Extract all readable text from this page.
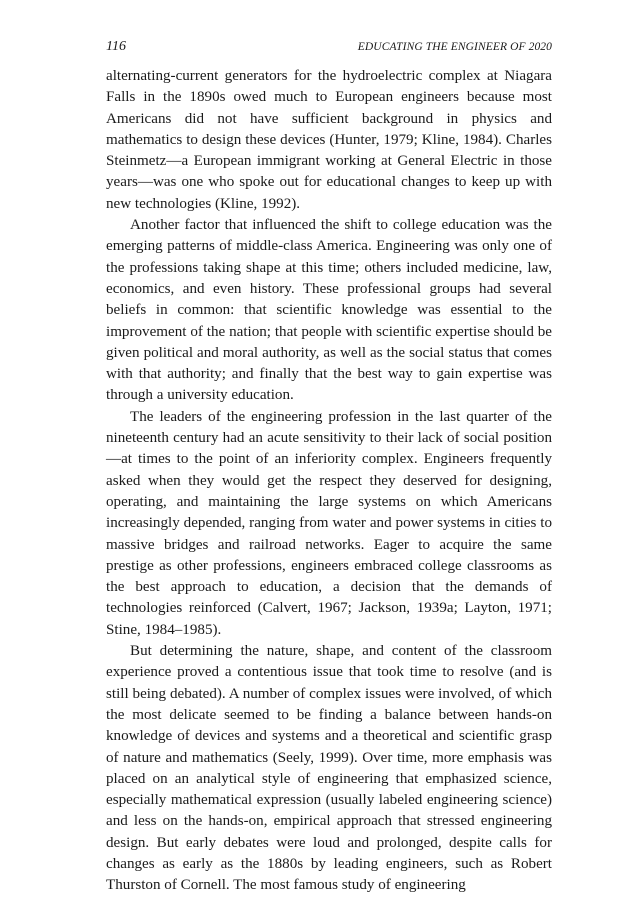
116	EDUCATING THE ENGINEER OF 2020

alternating-current generators for the hydroelectric complex at Niagara Falls in the 1890s owed much to European engineers because most Americans did not have sufficient background in physics and mathematics to design these devices (Hunter, 1979; Kline, 1984). Charles Steinmetz—a European immigrant working at General Electric in those years—was one who spoke out for educational changes to keep up with new technologies (Kline, 1992).

Another factor that influenced the shift to college education was the emerging patterns of middle-class America. Engineering was only one of the professions taking shape at this time; others included medicine, law, economics, and even history. These professional groups had several beliefs in common: that scientific knowledge was essential to the improvement of the nation; that people with scientific expertise should be given political and moral authority, as well as the social status that comes with that authority; and finally that the best way to gain expertise was through a university education.

The leaders of the engineering profession in the last quarter of the nineteenth century had an acute sensitivity to their lack of social position—at times to the point of an inferiority complex. Engineers frequently asked when they would get the respect they deserved for designing, operating, and maintaining the large systems on which Americans increasingly depended, ranging from water and power systems in cities to massive bridges and railroad networks. Eager to acquire the same prestige as other professions, engineers embraced college classrooms as the best approach to education, a decision that the demands of technologies reinforced (Calvert, 1967; Jackson, 1939a; Layton, 1971; Stine, 1984–1985).

But determining the nature, shape, and content of the classroom experience proved a contentious issue that took time to resolve (and is still being debated). A number of complex issues were involved, of which the most delicate seemed to be finding a balance between hands-on knowledge of devices and systems and a theoretical and scientific grasp of nature and mathematics (Seely, 1999). Over time, more emphasis was placed on an analytical style of engineering that emphasized science, especially mathematical expression (usually labeled engineering science) and less on the hands-on, empirical approach that stressed engineering design. But early debates were loud and prolonged, despite calls for changes as early as the 1880s by leading engineers, such as Robert Thurston of Cornell. The most famous study of engineering
